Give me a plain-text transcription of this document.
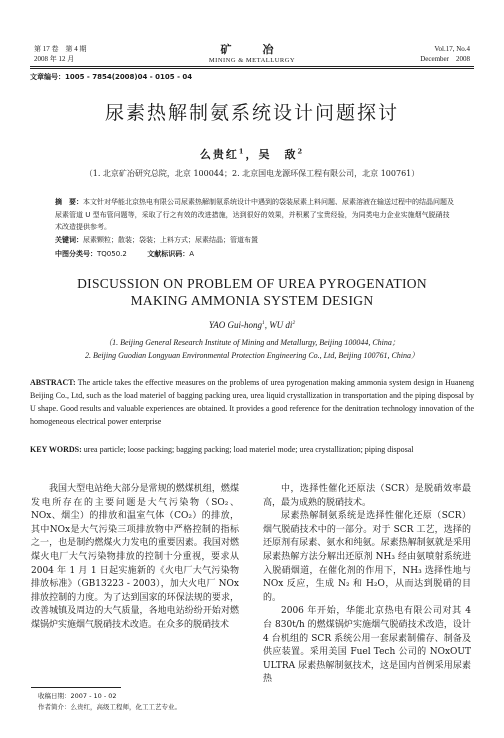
第 17 卷　第 4 期
2008 年 12 月
矿　冶
MINING & METALLURGY
Vol.17, No.4
December　2008
文章编号：1005 - 7854(2008)04 - 0105 - 04
尿素热解制氨系统设计问题探讨
么贵红$^1$，吴　敌$^2$
（1. 北京矿冶研究总院，北京 100044；2. 北京国电龙源环保工程有限公司，北京 100761）
摘　要：本文针对华能北京热电有限公司尿素热解制氨系统设计中遇到的袋装尿素上料问题、尿素溶液在输送过程中的结晶问题及尿素管道 U 型布管问题等，采取了行之有效的改进措施，达到很好的效果，并积累了宝贵经验，为同类电力企业实施烟气脱硝技术改造提供参考。
关键词：尿素颗粒；散装；袋装；上料方式；尿素结晶；管道布置
中图分类号：TQ050.2	文献标识码：A
DISCUSSION ON PROBLEM OF UREA PYROGENATION
MAKING AMMONIA SYSTEM DESIGN
YAO Gui-hong$^1$, WU $di^2$
（1. Beijing General Research Institute of Mining and Metallurgy, Beijing 100044, China；
2. Beijing Guodian Longyuan Environmental Protection Engineering Co., Ltd, Beijing 100761, China）
ABSTRACT: The article takes the effective measures on the problems of urea pyrogenation making ammonia system design in Huaneng Beijing Co., Ltd, such as the load materiel of bagging packing urea, urea liquid crystallization in transportation and the piping disposal by U shape. Good results and valuable experiences are obtained. It provides a good reference for the denitration technology innovation of the homogeneous electrical power enterprise
KEY WORDS: urea particle; loose packing; bagging packing; load materiel mode; urea crystallization; piping disposal

我国大型电站绝大部分是常规的燃煤机组，燃煤发电所存在的主要问题是大气污染物（SO₂、NOx、烟尘）的排放和温室气体（CO₂）的排放，其中NOx是大气污染三项排放物中严格控制的指标之一，也是制约燃煤火力发电的重要因素。我国对燃煤火电厂大气污染物排放的控制十分重视，要求从 2004 年 1 月 1 日起实施新的《火电厂大气污染物排放标准》（GB13223 - 2003），加大火电厂 NOx 排放控制的力度。为了达到国家的环保法规的要求，改善城镇及周边的大气质量，各地电站纷纷开始对燃煤锅炉实施烟气脱硝技术改造。在众多的脱硝技术

中，选择性催化还原法（SCR）是脱硝效率最高，最为成熟的脱硝技术。

尿素热解制氨系统是选择性催化还原（SCR）烟气脱硝技术中的一部分。对于 SCR 工艺，选择的还原剂有尿素、氨水和纯氨。尿素热解制氨就是采用尿素热解方法分解出还原剂 NH₃ 经由氨喷射系统进入脱硝烟道，在催化剂的作用下，NH₃ 选择性地与 NOx 反应，生成 N₂ 和 H₂O，从而达到脱硝的目的。

2006 年开始，华能北京热电有限公司对其 4 台 830t/h 的燃煤锅炉实施烟气脱硝技术改造，设计 4 台机组的 SCR 系统公用一套尿素制備存、制备及供应装置。采用美国 Fuel Tech 公司的 NOxOUT ULTRA 尿素热解制氨技术，这是国内首例采用尿素热

收稿日期：2007 - 10 - 02
作者简介：么贵红，高级工程师，化工工艺专业。
